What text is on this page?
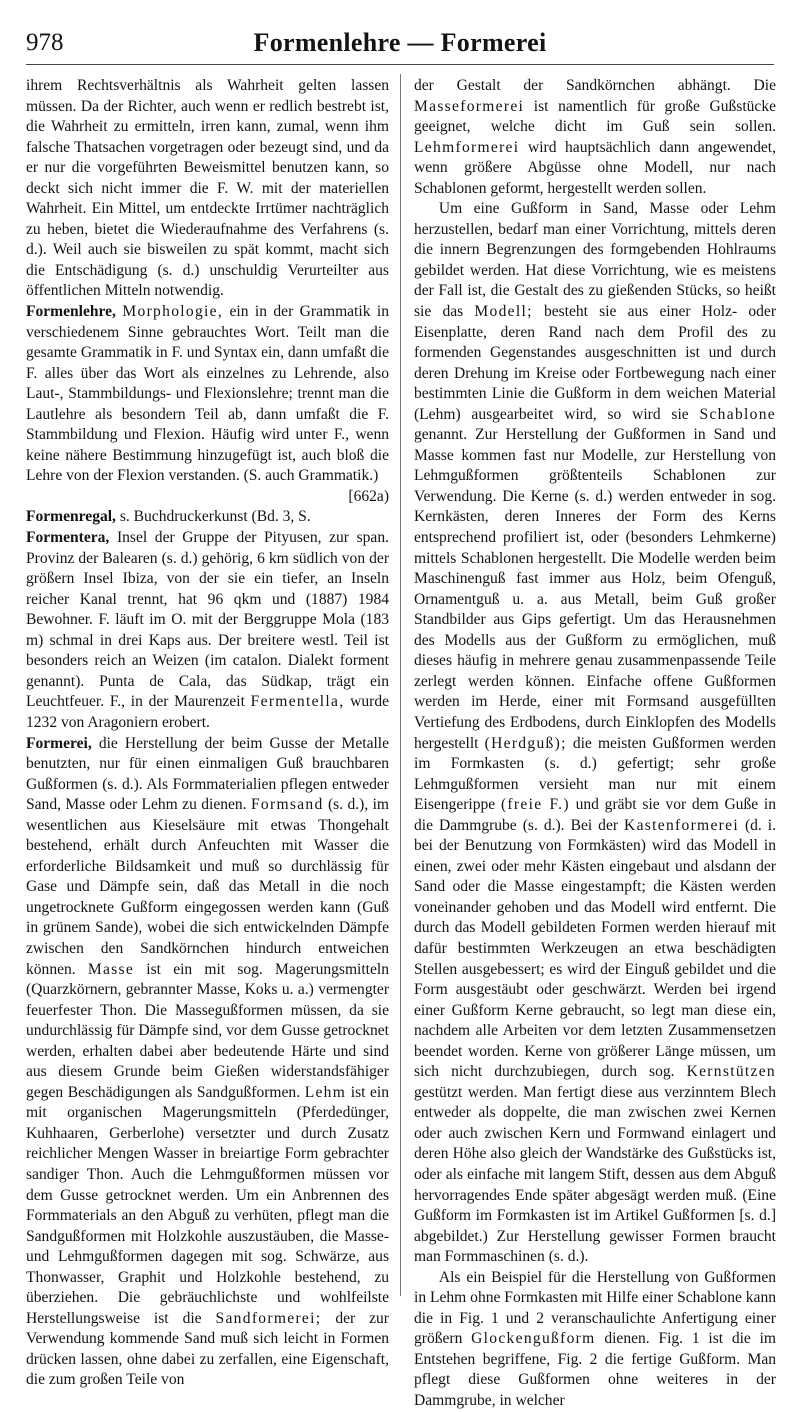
978	Formenlehre — Formerei

ihrem Rechtsverhältnis als Wahrheit gelten lassen müssen. Da der Richter, auch wenn er redlich bestrebt ist, die Wahrheit zu ermitteln, irren kann, zumal, wenn ihm falsche Thatsachen vorgetragen oder bezeugt sind, und da er nur die vorgeführten Beweismittel benutzen kann, so deckt sich nicht immer die F. W. mit der materiellen Wahrheit. Ein Mittel, um entdeckte Irrtümer nachträglich zu heben, bietet die Wiederaufnahme des Verfahrens (s. d.). Weil auch sie bisweilen zu spät kommt, macht sich die Entschädigung (s. d.) unschuldig Verurteilter aus öffentlichen Mitteln notwendig.

Formenlehre, Morphologie, ein in der Grammatik in verschiedenem Sinne gebrauchtes Wort. Teilt man die gesamte Grammatik in F. und Syntax ein, dann umfaßt die F. alles über das Wort als einzelnes zu Lehrende, also Laut-, Stammbildungs- und Flexionslehre; trennt man die Lautlehre als besondern Teil ab, dann umfaßt die F. Stammbildung und Flexion. Häufig wird unter F., wenn keine nähere Bestimmung hinzugefügt ist, auch bloß die Lehre von der Flexion verstanden. (S. auch Grammatik.)

[662a)

Formenregal, s. Buchdruckerkunst (Bd. 3, S.

Formentera, Insel der Gruppe der Pityusen, zur span. Provinz der Balearen (s. d.) gehörig, 6 km südlich von der größern Insel Ibiza, von der sie ein tiefer, an Inseln reicher Kanal trennt, hat 96 qkm und (1887) 1984 Bewohner. F. läuft im O. mit der Berggruppe Mola (183 m) schmal in drei Kaps aus. Der breitere westl. Teil ist besonders reich an Weizen (im catalon. Dialekt forment genannt). Punta de Cala, das Südkap, trägt ein Leuchtfeuer. F., in der Maurenzeit Fermentella, wurde 1232 von Aragoniern erobert.

Formerei, die Herstellung der beim Gusse der Metalle benutzten, nur für einen einmaligen Guß brauchbaren Gußformen (s. d.). Als Formmaterialien pflegen entweder Sand, Masse oder Lehm zu dienen. Formsand (s. d.), im wesentlichen aus Kieselsäure mit etwas Thongehalt bestehend, erhält durch Anfeuchten mit Wasser die erforderliche Bildsamkeit und muß so durchlässig für Gase und Dämpfe sein, daß das Metall in die noch ungetrocknete Gußform eingegossen werden kann (Guß in grünem Sande), wobei die sich entwickelnden Dämpfe zwischen den Sandkörnchen hindurch entweichen können. Masse ist ein mit sog. Magerungsmitteln (Quarzkörnern, gebrannter Masse, Koks u. a.) vermengter feuerfester Thon. Die Massegußformen müssen, da sie undurchlässig für Dämpfe sind, vor dem Gusse getrocknet werden, erhalten dabei aber bedeutende Härte und sind aus diesem Grunde beim Gießen widerstandsfähiger gegen Beschädigungen als Sandgußformen. Lehm ist ein mit organischen Magerungsmitteln (Pferdedünger, Kuhhaaren, Gerberlohe) versetzter und durch Zusatz reichlicher Mengen Wasser in breiartige Form gebrachter sandiger Thon. Auch die Lehmgußformen müssen vor dem Gusse getrocknet werden. Um ein Anbrennen des Formmaterials an den Abguß zu verhüten, pflegt man die Sandgußformen mit Holzkohle auszustäuben, die Masse- und Lehmgußformen dagegen mit sog. Schwärze, aus Thonwasser, Graphit und Holzkohle bestehend, zu überziehen. Die gebräuchlichste und wohlfeilste Herstellungsweise ist die Sandformerei; der zur Verwendung kommende Sand muß sich leicht in Formen drücken lassen, ohne dabei zu zerfallen, eine Eigenschaft, die zum großen Teile von

der Gestalt der Sandkörnchen abhängt. Die Masseformerei ist namentlich für große Gußstücke geeignet, welche dicht im Guß sein sollen. Lehmformerei wird hauptsächlich dann angewendet, wenn größere Abgüsse ohne Modell, nur nach Schablonen geformt, hergestellt werden sollen.

Um eine Gußform in Sand, Masse oder Lehm herzustellen, bedarf man einer Vorrichtung, mittels deren die innern Begrenzungen des formgebenden Hohlraums gebildet werden. Hat diese Vorrichtung, wie es meistens der Fall ist, die Gestalt des zu gießenden Stücks, so heißt sie das Modell; besteht sie aus einer Holz- oder Eisenplatte, deren Rand nach dem Profil des zu formenden Gegenstandes ausgeschnitten ist und durch deren Drehung im Kreise oder Fortbewegung nach einer bestimmten Linie die Gußform in dem weichen Material (Lehm) ausgearbeitet wird, so wird sie Schablone genannt. Zur Herstellung der Gußformen in Sand und Masse kommen fast nur Modelle, zur Herstellung von Lehmgußformen größtenteils Schablonen zur Verwendung. Die Kerne (s. d.) werden entweder in sog. Kernkästen, deren Inneres der Form des Kerns entsprechend profiliert ist, oder (besonders Lehmkerne) mittels Schablonen hergestellt. Die Modelle werden beim Maschinenguß fast immer aus Holz, beim Ofenguß, Ornamentguß u. a. aus Metall, beim Guß großer Standbilder aus Gips gefertigt. Um das Herausnehmen des Modells aus der Gußform zu ermöglichen, muß dieses häufig in mehrere genau zusammenpassende Teile zerlegt werden können. Einfache offene Gußformen werden im Herde, einer mit Formsand ausgefüllten Vertiefung des Erdbodens, durch Einklopfen des Modells hergestellt (Herdguß); die meisten Gußformen werden im Formkasten (s. d.) gefertigt; sehr große Lehmgußformen versieht man nur mit einem Eisengerippe (freie F.) und gräbt sie vor dem Guße in die Dammgrube (s. d.). Bei der Kastenformerei (d. i. bei der Benutzung von Formkästen) wird das Modell in einen, zwei oder mehr Kästen eingebaut und alsdann der Sand oder die Masse eingestampft; die Kästen werden voneinander gehoben und das Modell wird entfernt. Die durch das Modell gebildeten Formen werden hierauf mit dafür bestimmten Werkzeugen an etwa beschädigten Stellen ausgebessert; es wird der Einguß gebildet und die Form ausgestäubt oder geschwärzt. Werden bei irgend einer Gußform Kerne gebraucht, so legt man diese ein, nachdem alle Arbeiten vor dem letzten Zusammensetzen beendet worden. Kerne von größerer Länge müssen, um sich nicht durchzubiegen, durch sog. Kernstützen gestützt werden. Man fertigt diese aus verzinntem Blech entweder als doppelte, die man zwischen zwei Kernen oder auch zwischen Kern und Formwand einlagert und deren Höhe also gleich der Wandstärke des Gußstücks ist, oder als einfache mit langem Stift, dessen aus dem Abguß hervorragendes Ende später abgesägt werden muß. (Eine Gußform im Formkasten ist im Artikel Gußformen [s. d.] abgebildet.) Zur Herstellung gewisser Formen braucht man Formmaschinen (s. d.).

Als ein Beispiel für die Herstellung von Gußformen in Lehm ohne Formkasten mit Hilfe einer Schablone kann die in Fig. 1 und 2 veranschaulichte Anfertigung einer größern Glockengußform dienen. Fig. 1 ist die im Entstehen begriffene, Fig. 2 die fertige Gußform. Man pflegt diese Gußformen ohne weiteres in der Dammgrube, in welcher
